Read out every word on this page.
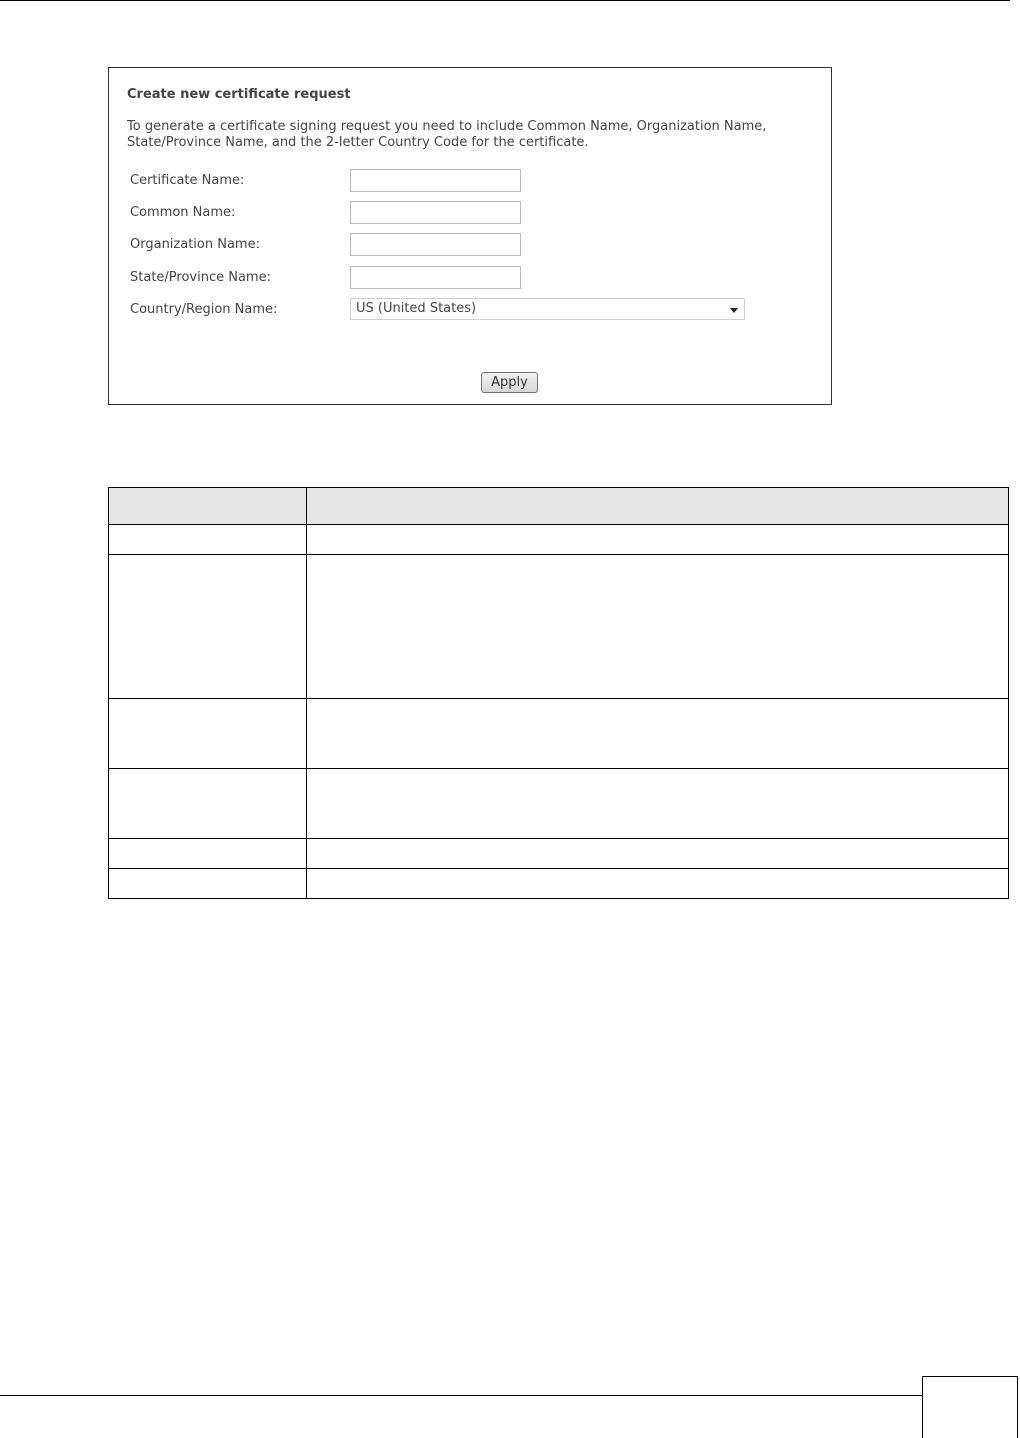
Create new certificate request
To generate a certificate signing request you need to include Common Name, Organization Name, State/Province Name, and the 2-letter Country Code for the certificate.
Certificate Name:
Common Name:
Organization Name:
State/Province Name:
Country/Region Name:	US (United States)
Apply
